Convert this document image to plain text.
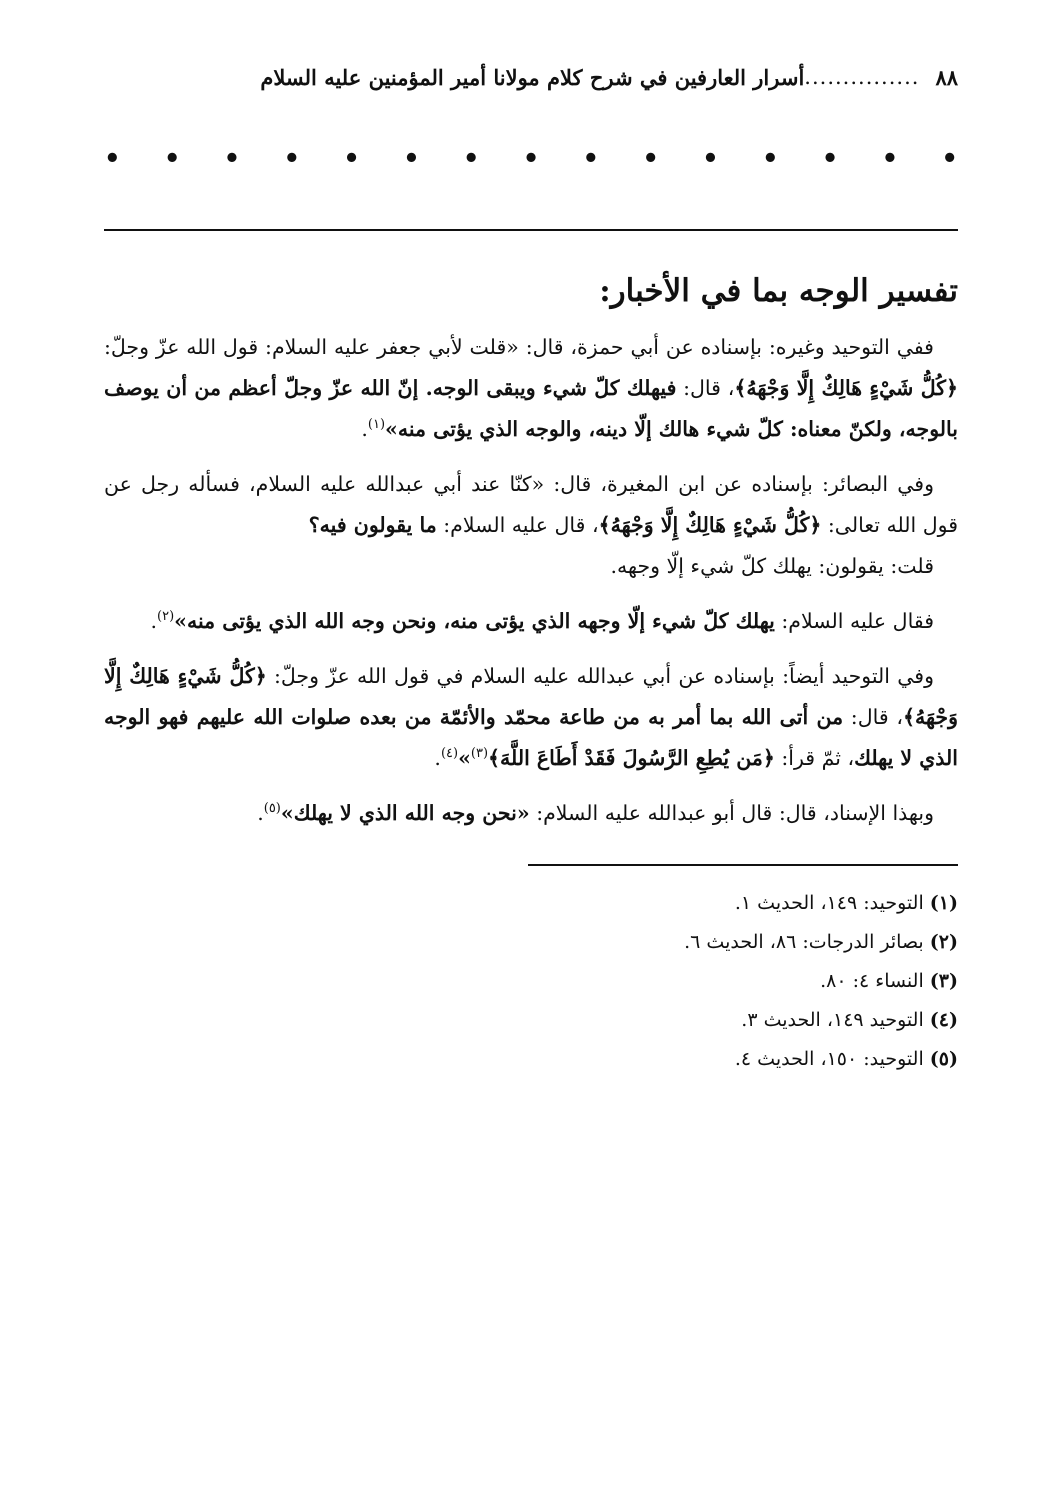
٨٨
...............
أسرار العارفين في شرح كلام مولانا أمير المؤمنين عليه السلام
• • • • • • • • • • • • • • •
تفسير الوجه بما في الأخبار:

ففي التوحيد وغيره: بإسناده عن أبي حمزة، قال: «قلت لأبي جعفر عليه السلام: قول الله عزّ وجلّ: ﴿كُلُّ شَيْءٍ هَالِكٌ إِلَّا وَجْهَهُ﴾، قال: فيهلك كلّ شيء ويبقى الوجه. إنّ الله عزّ وجلّ أعظم من أن يوصف بالوجه، ولكنّ معناه: كلّ شيء هالك إلّا دينه، والوجه الذي يؤتى منه»$^{(١)}$.

وفي البصائر: بإسناده عن ابن المغيرة، قال: «كنّا عند أبي عبدالله عليه السلام، فسأله رجل عن قول الله تعالى: ﴿كُلُّ شَيْءٍ هَالِكٌ إِلَّا وَجْهَهُ﴾، قال عليه السلام: ما يقولون فيه؟

قلت: يقولون: يهلك كلّ شيء إلّا وجهه.

فقال عليه السلام: يهلك كلّ شيء إلّا وجهه الذي يؤتى منه، ونحن وجه الله الذي يؤتى منه»$^{(٢)}$.

وفي التوحيد أيضاً: بإسناده عن أبي عبدالله عليه السلام في قول الله عزّ وجلّ: ﴿كُلُّ شَيْءٍ هَالِكٌ إِلَّا وَجْهَهُ﴾، قال: من أتى الله بما أمر به من طاعة محمّد والأئمّة من بعده صلوات الله عليهم فهو الوجه الذي لا يهلك، ثمّ قرأ: ﴿مَن يُطِعِ الرَّسُولَ فَقَدْ أَطَاعَ اللَّهَ﴾$^{(٣)}$»$^{(٤)}$.

وبهذا الإسناد، قال: قال أبو عبدالله عليه السلام: «نحن وجه الله الذي لا يهلك»$^{(٥)}$.

(١) التوحيد: ١٤٩، الحديث ١.
(٢) بصائر الدرجات: ٨٦، الحديث ٦.
(٣) النساء ٤: ٨٠.
(٤) التوحيد ١٤٩، الحديث ٣.
(٥) التوحيد: ١٥٠، الحديث ٤.
